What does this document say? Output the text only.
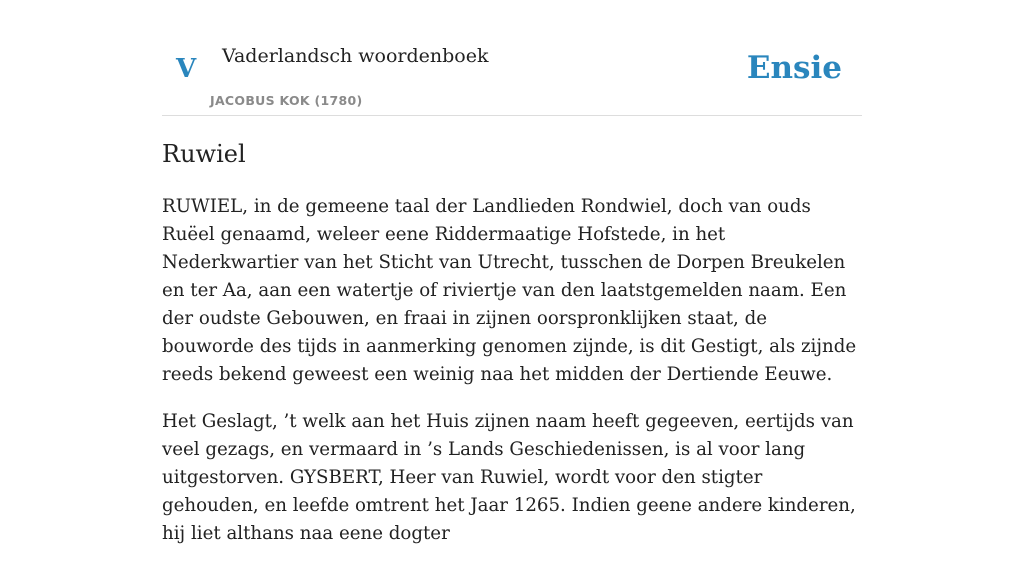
V Vaderlandsch woordenboek
JACOBUS KOK (1780)
Ensie
Ruwiel

RUWIEL, in de gemeene taal der Landlieden Rondwiel, doch van ouds Ruëel genaamd, weleer eene Riddermaatige Hofstede, in het Nederkwartier van het Sticht van Utrecht, tusschen de Dorpen Breukelen en ter Aa, aan een watertje of riviertje van den laatstgemelden naam. Een der oudste Gebouwen, en fraai in zijnen oorspronklijken staat, de bouworde des tijds in aanmerking genomen zijnde, is dit Gestigt, als zijnde reeds bekend geweest een weinig naa het midden der Dertiende Eeuwe.

Het Geslagt, ’t welk aan het Huis zijnen naam heeft gegeeven, eertijds van veel gezags, en vermaard in ’s Lands Geschiedenissen, is al voor lang uitgestorven. GYSBERT, Heer van Ruwiel, wordt voor den stigter gehouden, en leefde omtrent het Jaar 1265. Indien geene andere kinderen, hij liet althans naa eene dogter
